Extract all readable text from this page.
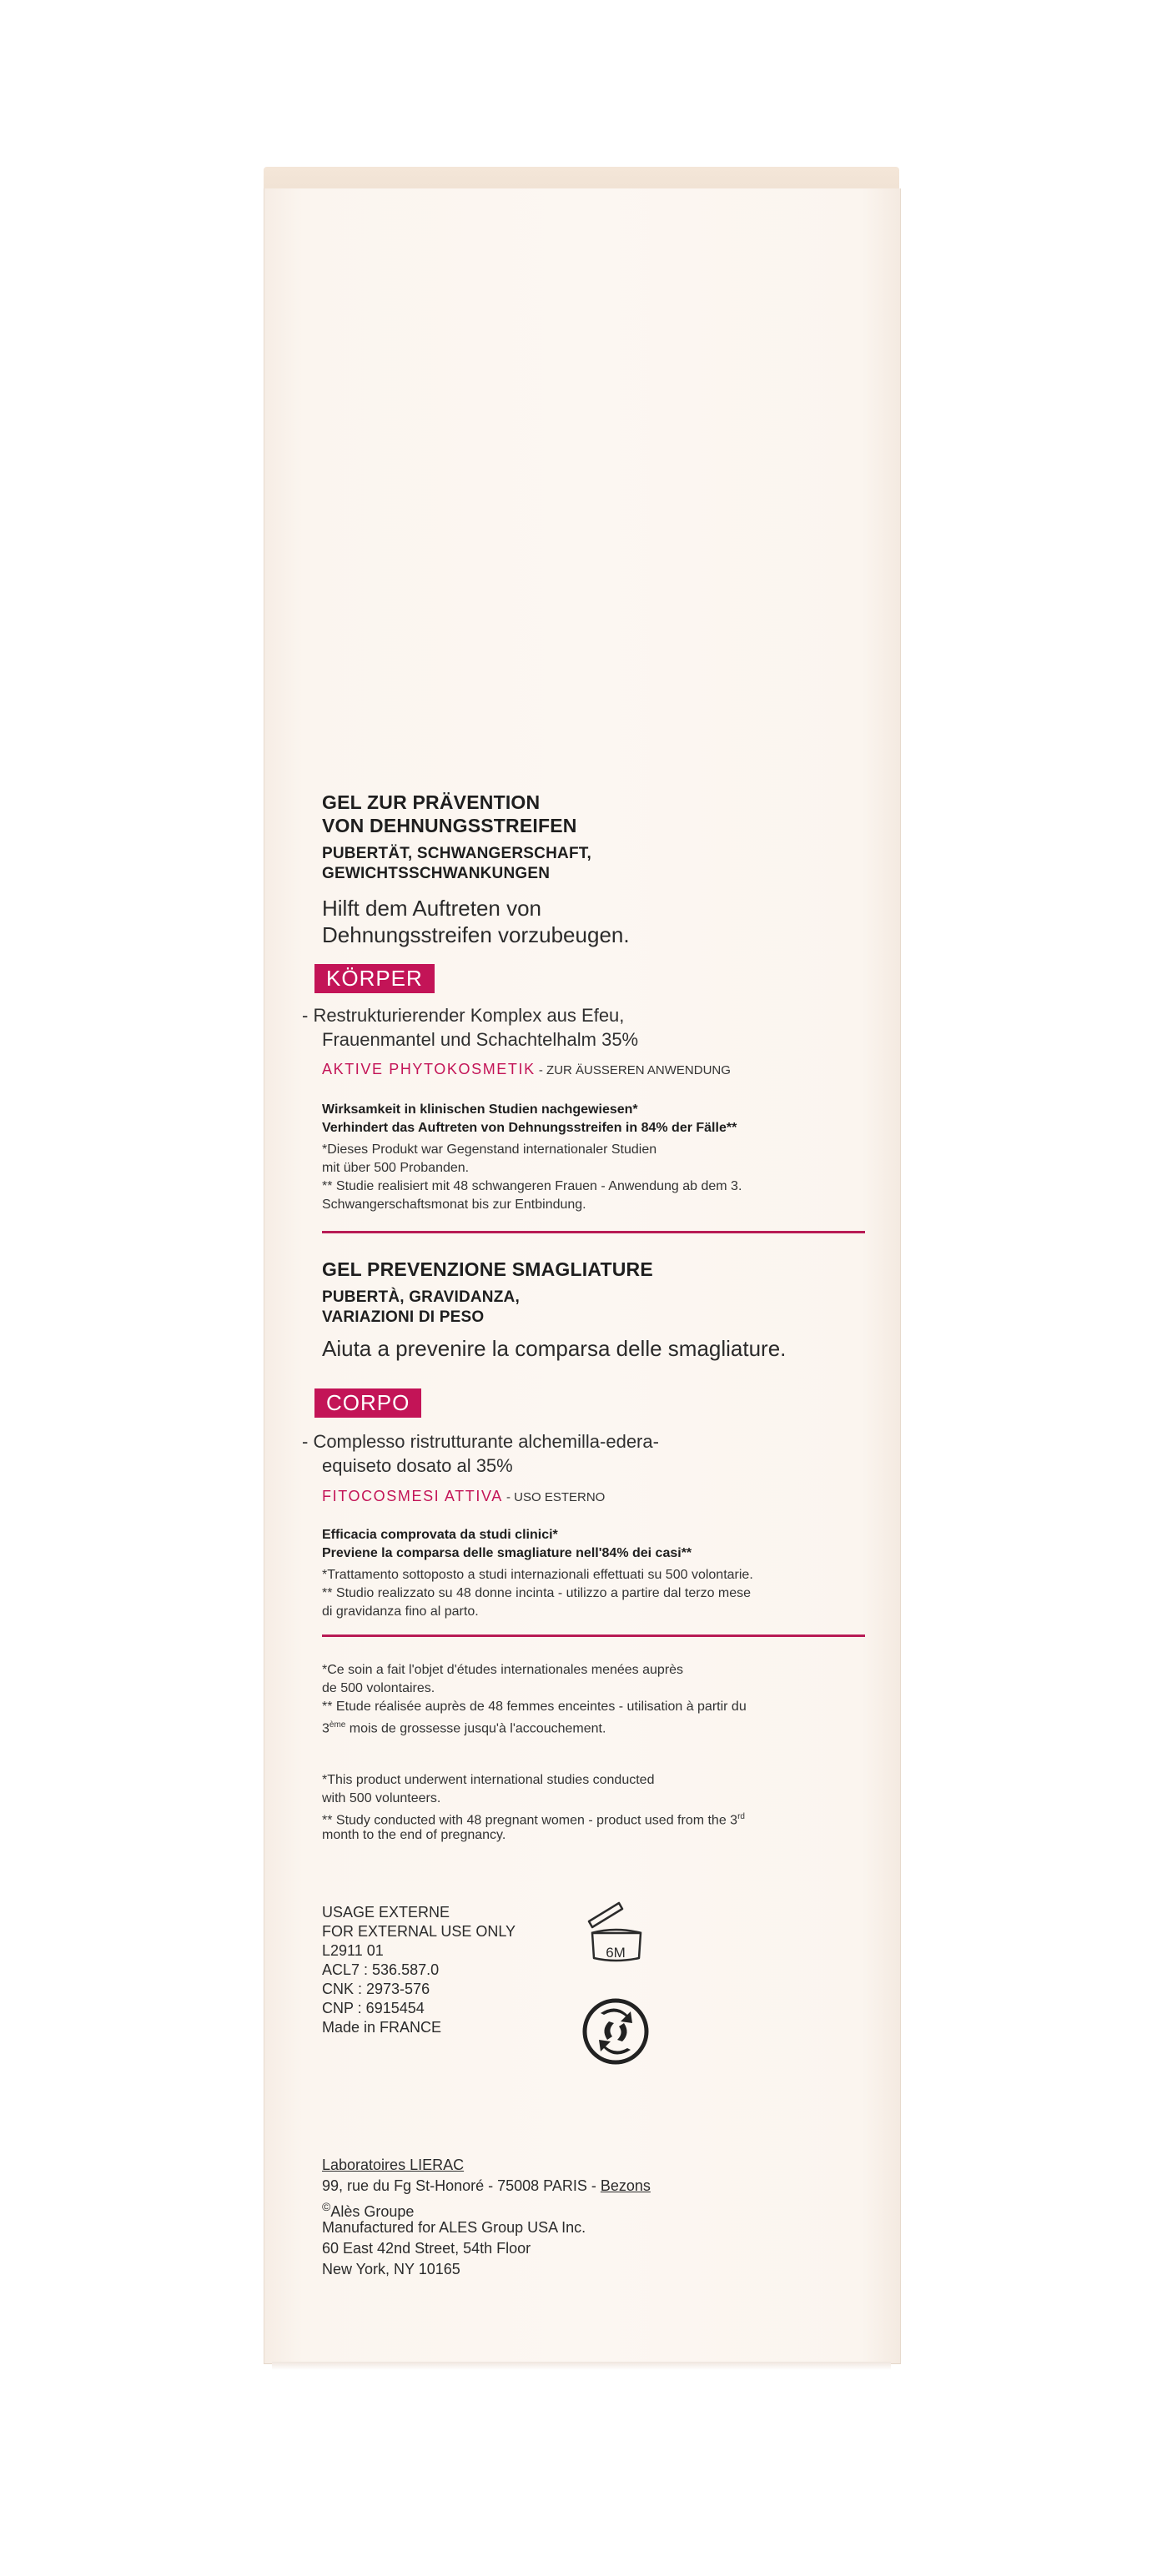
GEL ZUR PRÄVENTION
VON DEHNUNGSSTREIFEN
PUBERTÄT, SCHWANGERSCHAFT,
GEWICHTSSCHWANKUNGEN
Hilft dem Auftreten von
Dehnungsstreifen vorzubeugen.
KÖRPER
- Restrukturierender Komplex aus Efeu,
Frauenmantel und Schachtelhalm 35%
AKTIVE PHYTOKOSMETIK - ZUR ÄUSSEREN ANWENDUNG
Wirksamkeit in klinischen Studien nachgewiesen*
Verhindert das Auftreten von Dehnungsstreifen in 84% der Fälle**
*Dieses Produkt war Gegenstand internationaler Studien
mit über 500 Probanden.
** Studie realisiert mit 48 schwangeren Frauen - Anwendung ab dem 3.
Schwangerschaftsmonat bis zur Entbindung.
GEL PREVENZIONE SMAGLIATURE
PUBERTÀ, GRAVIDANZA,
VARIAZIONI DI PESO
Aiuta a prevenire la comparsa delle smagliature.
CORPO
- Complesso ristrutturante alchemilla-edera-
equiseto dosato al 35%
FITOCOSMESI ATTIVA - USO ESTERNO
Efficacia comprovata da studi clinici*
Previene la comparsa delle smagliature nell'84% dei casi**
*Trattamento sottoposto a studi internazionali effettuati su 500 volontarie.
** Studio realizzato su 48 donne incinta - utilizzo a partire dal terzo mese
di gravidanza fino al parto.
*Ce soin a fait l'objet d'études internationales menées auprès
de 500 volontaires.
** Etude réalisée auprès de 48 femmes enceintes - utilisation à partir du
3ème mois de grossesse jusqu'à l'accouchement.
*This product underwent international studies conducted
with 500 volunteers.
** Study conducted with 48 pregnant women - product used from the 3rd
month to the end of pregnancy.
USAGE EXTERNE
FOR EXTERNAL USE ONLY
L2911 01
ACL7 : 536.587.0
CNK : 2973-576
CNP : 6915454
Made in FRANCE
6M
Laboratoires LIERAC
99, rue du Fg St-Honoré - 75008 PARIS - Bezons
©Alès Groupe
Manufactured for ALES Group USA Inc.
60 East 42nd Street, 54th Floor
New York, NY 10165
